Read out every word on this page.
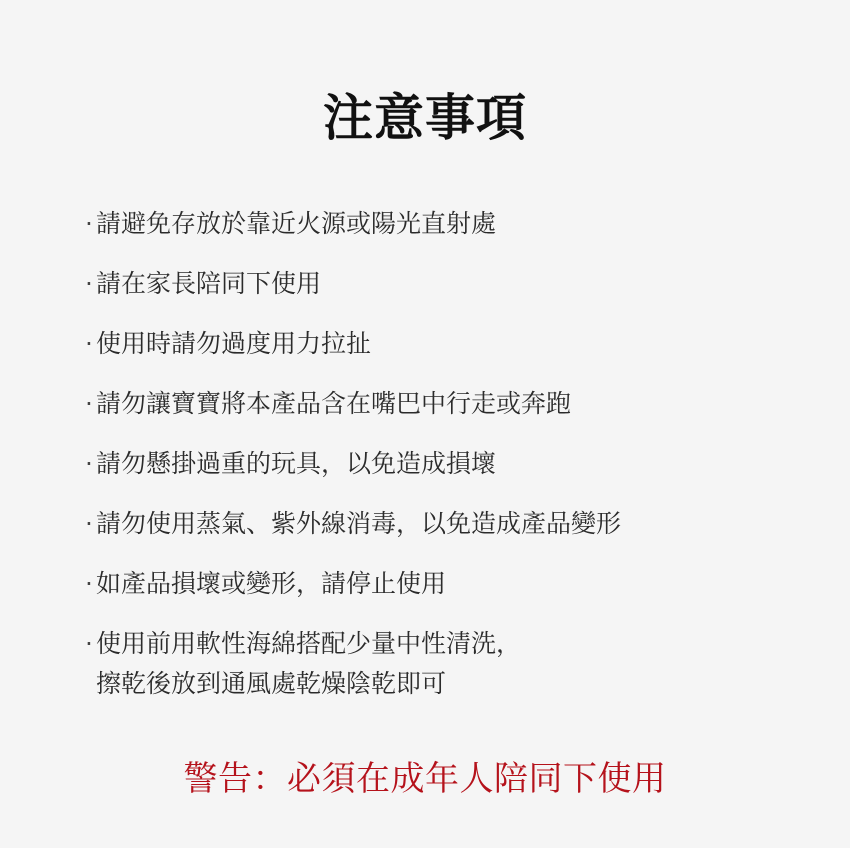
注意事項
· 請避免存放於靠近火源或陽光直射處
· 請在家長陪同下使用
· 使用時請勿過度用力拉扯
· 請勿讓寶寶將本產品含在嘴巴中行走或奔跑
· 請勿懸掛過重的玩具，以免造成損壞
· 請勿使用蒸氣、紫外線消毒，以免造成產品變形
· 如產品損壞或變形，請停止使用
· 使用前用軟性海綿搭配少量中性清洗，
擦乾後放到通風處乾燥陰乾即可
警告：必須在成年人陪同下使用
